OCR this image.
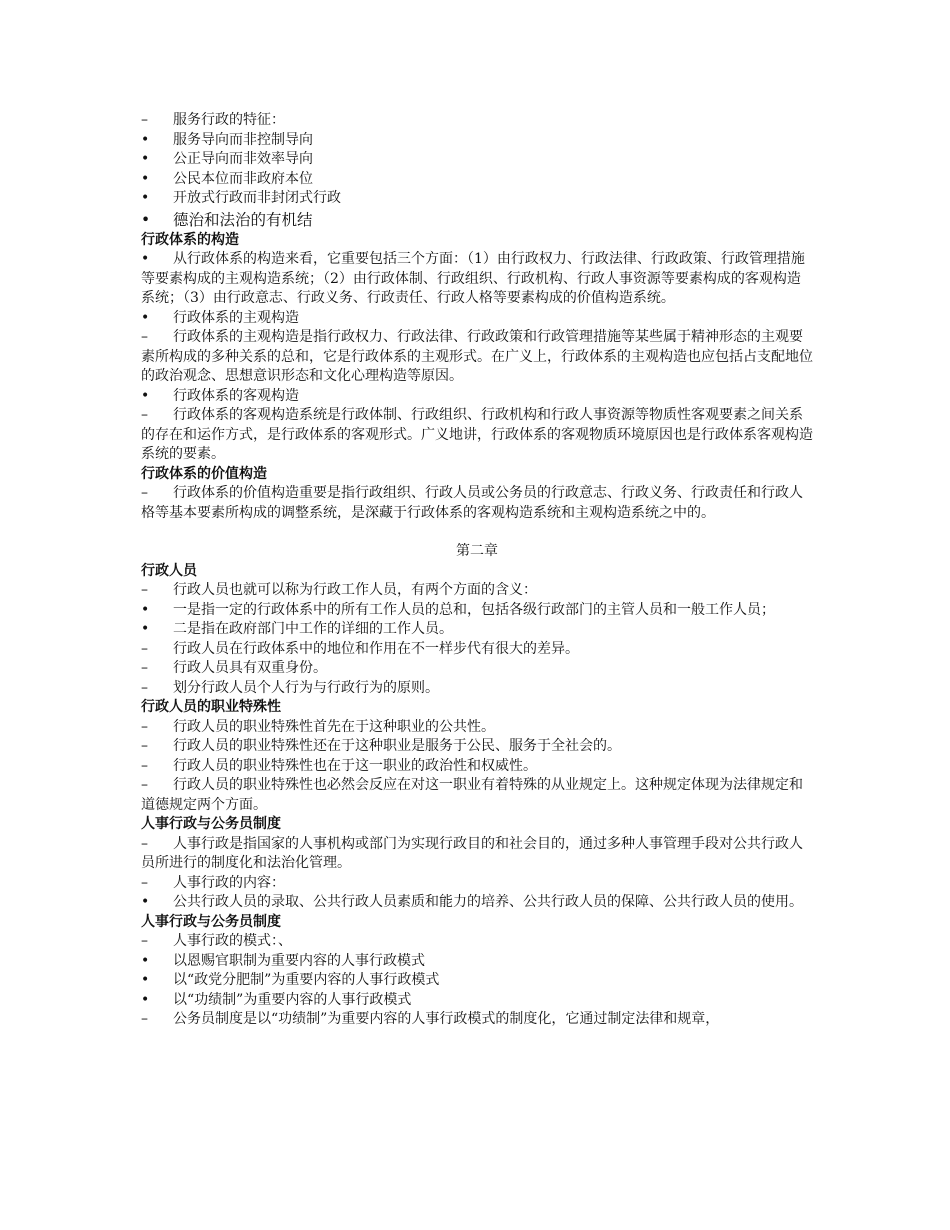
–	服务行政的特征：
•	服务导向而非控制导向
•	公正导向而非效率导向
•	公民本位而非政府本位
•	开放式行政而非封闭式行政
•	德治和法治的有机结
行政体系的构造
• 从行政体系的构造来看，它重要包括三个方面：（1）由行政权力、行政法律、行政政策、行政管理措施等要素构成的主观构造系统；（2）由行政体制、行政组织、行政机构、行政人事资源等要素构成的客观构造系统；（3）由行政意志、行政义务、行政责任、行政人格等要素构成的价值构造系统。
•	行政体系的主观构造
– 行政体系的主观构造是指行政权力、行政法律、行政政策和行政管理措施等某些属于精神形态的主观要素所构成的多种关系的总和，它是行政体系的主观形式。在广义上，行政体系的主观构造也应包括占支配地位的政治观念、思想意识形态和文化心理构造等原因。
•	行政体系的客观构造
– 行政体系的客观构造系统是行政体制、行政组织、行政机构和行政人事资源等物质性客观要素之间关系的存在和运作方式，是行政体系的客观形式。广义地讲，行政体系的客观物质环境原因也是行政体系客观构造系统的要素。
行政体系的价值构造
– 行政体系的价值构造重要是指行政组织、行政人员或公务员的行政意志、行政义务、行政责任和行政人格等基本要素所构成的调整系统，是深藏于行政体系的客观构造系统和主观构造系统之中的。
第二章
行政人员
–	行政人员也就可以称为行政工作人员，有两个方面的含义：
• 一是指一定的行政体系中的所有工作人员的总和，包括各级行政部门的主管人员和一般工作人员；
•	二是指在政府部门中工作的详细的工作人员。
–	行政人员在行政体系中的地位和作用在不一样步代有很大的差异。
–	行政人员具有双重身份。
–	划分行政人员个人行为与行政行为的原则。
行政人员的职业特殊性
–	行政人员的职业特殊性首先在于这种职业的公共性。
–	行政人员的职业特殊性还在于这种职业是服务于公民、服务于全社会的。
–	行政人员的职业特殊性也在于这一职业的政治性和权威性。
– 行政人员的职业特殊性也必然会反应在对这一职业有着特殊的从业规定上。这种规定体现为法律规定和道德规定两个方面。
人事行政与公务员制度
– 人事行政是指国家的人事机构或部门为实现行政目的和社会目的，通过多种人事管理手段对公共行政人员所进行的制度化和法治化管理。
–	人事行政的内容：
• 公共行政人员的录取、公共行政人员素质和能力的培养、公共行政人员的保障、公共行政人员的使用。
人事行政与公务员制度
–	人事行政的模式：、
•	以恩赐官职制为重要内容的人事行政模式
•	以“政党分肥制”为重要内容的人事行政模式
•	以“功绩制”为重要内容的人事行政模式
–	公务员制度是以“功绩制”为重要内容的人事行政模式的制度化，它通过制定法律和规章，
